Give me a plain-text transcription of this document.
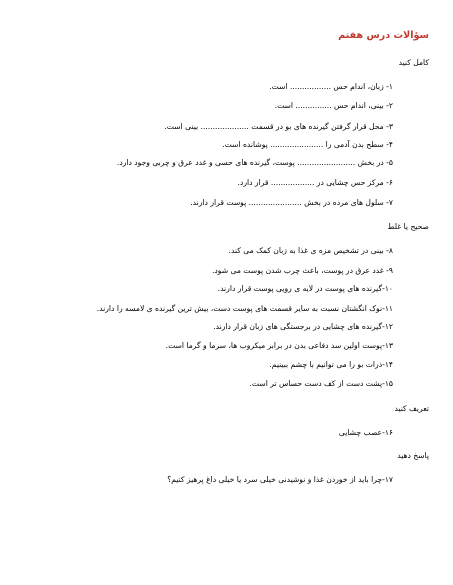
سؤالات درس هفتم
کامل کنید
۱- زبان، اندام حس ................. است.
۲- بینی، اندام حس ............... است.
۳- محل قرار گرفتن گیرنده های بو در قسمت .................... بینی است.
۴- سطح بدن آدمی را ...................... پوشانده است.
۵- در بخش ........................ پوست، گیرنده های حسی و غدد عرق و چربی وجود دارد.
۶- مرکز حس چشایی در .................. قرار دارد.
۷- سلول های مرده در بخش ...................... پوست قرار دارند.
صحیح یا غلط
۸- بینی در تشخیص مزه ی غذا به زبان کمک می کند.
۹- غدد عرق در پوست، باعث چرب شدن پوست می شود.
۱۰-گیرنده های پوست در لایه ی رویی پوست قرار دارند.
۱۱-نوک انگشتان نسبت به سایر قسمت های پوست دست، بیش ترین گیرنده ی لامسه را دارند.
۱۲-گیرنده های چشایی در برجستگی های زبان قرار دارند.
۱۳-پوست اولین سد دفاعی بدن در برابر میکروب ها، سرما و گرما است.
۱۴-ذرات بو را می توانیم با چشم ببینیم.
۱۵-پشت دست از کف دست حساس تر است.
تعریف کنید
۱۶-عصب چشایی
پاسخ دهید
۱۷-چرا باید از خوردن غذا و نوشیدنی خیلی سرد یا خیلی داغ پرهیز کنیم؟
